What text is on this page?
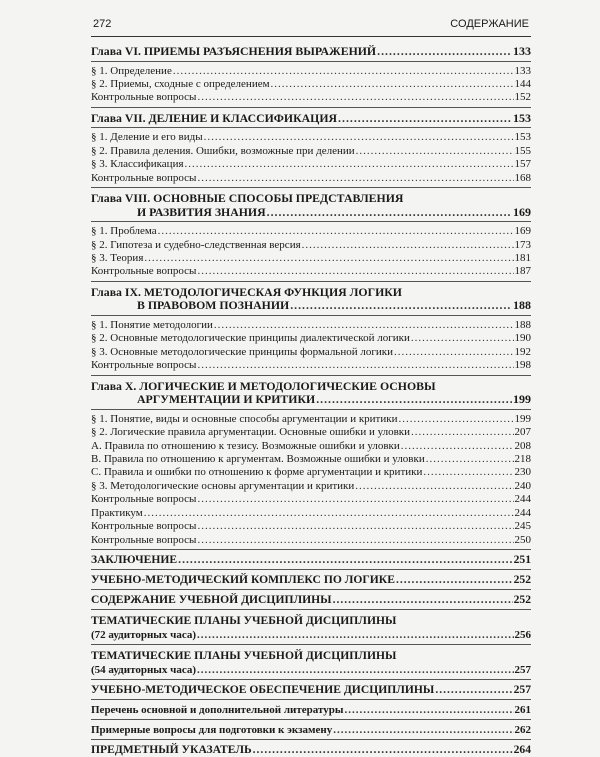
272	СОДЕРЖАНИЕ
Глава VI. ПРИЕМЫ РАЗЪЯСНЕНИЯ ВЫРАЖЕНИЙ .....	133
§ 1. Определение .....	133
§ 2. Приемы, сходные с определением .....	144
Контрольные вопросы .....	152
Глава VII. ДЕЛЕНИЕ И КЛАССИФИКАЦИЯ .....	153
§ 1. Деление и его виды .....	153
§ 2. Правила деления. Ошибки, возможные при делении .....	155
§ 3. Классификация .....	157
Контрольные вопросы .....	168
Глава VIII. ОСНОВНЫЕ СПОСОБЫ ПРЕДСТАВЛЕНИЯ
И РАЗВИТИЯ ЗНАНИЯ .....	169
§ 1. Проблема .....	169
§ 2. Гипотеза и судебно-следственная версия .....	173
§ 3. Теория .....	181
Контрольные вопросы .....	187
Глава IX. МЕТОДОЛОГИЧЕСКАЯ ФУНКЦИЯ ЛОГИКИ
В ПРАВОВОМ ПОЗНАНИИ .....	188
§ 1. Понятие методологии .....	188
§ 2. Основные методологические принципы диалектической логики .....	190
§ 3. Основные методологические принципы формальной логики .....	192
Контрольные вопросы .....	198
Глава X. ЛОГИЧЕСКИЕ И МЕТОДОЛОГИЧЕСКИЕ ОСНОВЫ
АРГУМЕНТАЦИИ И КРИТИКИ .....	199
§ 1. Понятие, виды и основные способы аргументации и критики .....	199
§ 2. Логические правила аргументации. Основные ошибки и уловки .....	207
А. Правила по отношению к тезису. Возможные ошибки и уловки .....	208
В. Правила по отношению к аргументам. Возможные ошибки и уловки .....	218
С. Правила и ошибки по отношению к форме аргументации и критики .....	230
§ 3. Методологические основы аргументации и критики .....	240
Контрольные вопросы .....	244
Практикум .....	244
Контрольные вопросы .....	245
Контрольные вопросы .....	250
ЗАКЛЮЧЕНИЕ .....	251
УЧЕБНО-МЕТОДИЧЕСКИЙ КОМПЛЕКС ПО ЛОГИКЕ .....	252
СОДЕРЖАНИЕ УЧЕБНОЙ ДИСЦИПЛИНЫ .....	252
ТЕМАТИЧЕСКИЕ ПЛАНЫ УЧЕБНОЙ ДИСЦИПЛИНЫ
(72 аудиторных часа) .....	256
ТЕМАТИЧЕСКИЕ ПЛАНЫ УЧЕБНОЙ ДИСЦИПЛИНЫ
(54 аудиторных часа) .....	257
УЧЕБНО-МЕТОДИЧЕСКОЕ ОБЕСПЕЧЕНИЕ ДИСЦИПЛИНЫ .....	257
Перечень основной и дополнительной литературы .....	261
Примерные вопросы для подготовки к экзамену .....	262
ПРЕДМЕТНЫЙ УКАЗАТЕЛЬ .....	264
